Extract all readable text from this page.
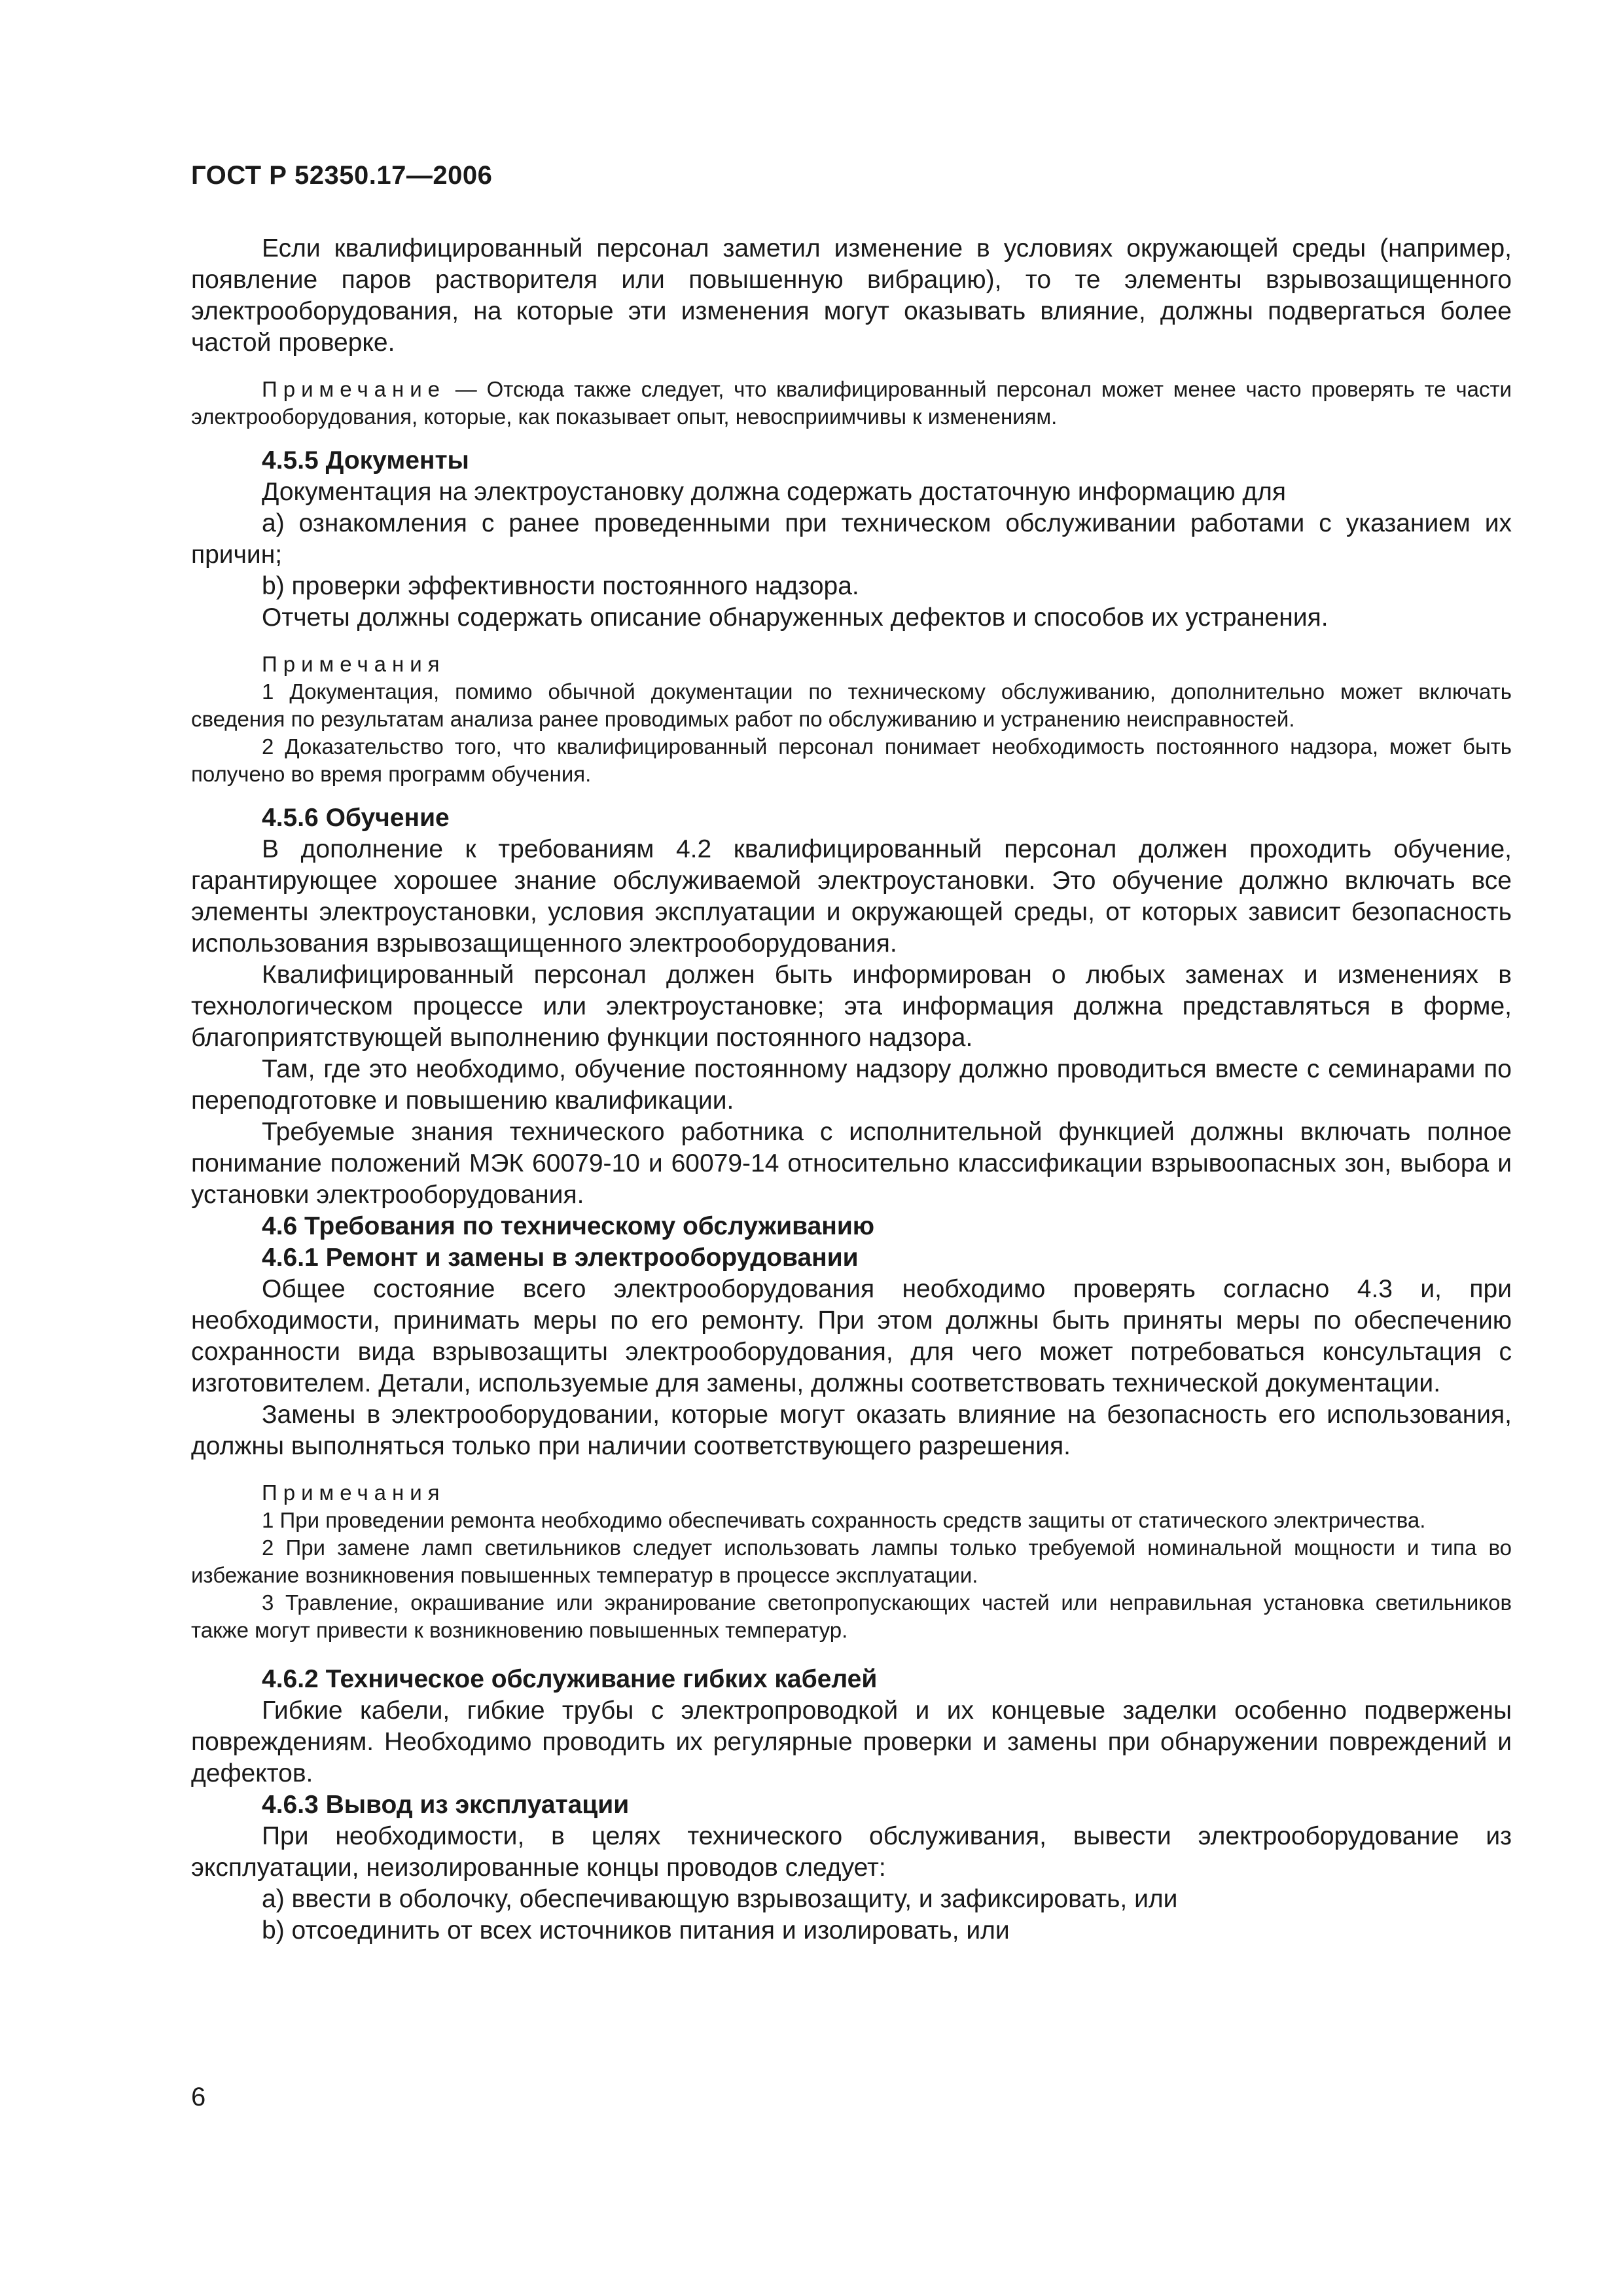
ГОСТ Р 52350.17—2006

Если квалифицированный персонал заметил изменение в условиях окружающей среды (например, появление паров растворителя или повышенную вибрацию), то те элементы взрывозащищенного электрооборудования, на которые эти изменения могут оказывать влияние, должны подвергаться более частой проверке.

Примечание — Отсюда также следует, что квалифицированный персонал может менее часто проверять те части электрооборудования, которые, как показывает опыт, невосприимчивы к изменениям.

4.5.5 Документы

Документация на электроустановку должна содержать достаточную информацию для

a) ознакомления с ранее проведенными при техническом обслуживании работами с указанием их причин;

b) проверки эффективности постоянного надзора.

Отчеты должны содержать описание обнаруженных дефектов и способов их устранения.

Примечания

1 Документация, помимо обычной документации по техническому обслуживанию, дополнительно может включать сведения по результатам анализа ранее проводимых работ по обслуживанию и устранению неисправностей.

2 Доказательство того, что квалифицированный персонал понимает необходимость постоянного надзора, может быть получено во время программ обучения.

4.5.6 Обучение

В дополнение к требованиям 4.2 квалифицированный персонал должен проходить обучение, гарантирующее хорошее знание обслуживаемой электроустановки. Это обучение должно включать все элементы электроустановки, условия эксплуатации и окружающей среды, от которых зависит безопасность использования взрывозащищенного электрооборудования.

Квалифицированный персонал должен быть информирован о любых заменах и изменениях в технологическом процессе или электроустановке; эта информация должна представляться в форме, благоприятствующей выполнению функции постоянного надзора.

Там, где это необходимо, обучение постоянному надзору должно проводиться вместе с семинарами по переподготовке и повышению квалификации.

Требуемые знания технического работника с исполнительной функцией должны включать полное понимание положений МЭК 60079-10 и 60079-14 относительно классификации взрывоопасных зон, выбора и установки электрооборудования.

4.6 Требования по техническому обслуживанию
4.6.1 Ремонт и замены в электрооборудовании

Общее состояние всего электрооборудования необходимо проверять согласно 4.3 и, при необходимости, принимать меры по его ремонту. При этом должны быть приняты меры по обеспечению сохранности вида взрывозащиты электрооборудования, для чего может потребоваться консультация с изготовителем. Детали, используемые для замены, должны соответствовать технической документации.

Замены в электрооборудовании, которые могут оказать влияние на безопасность его использования, должны выполняться только при наличии соответствующего разрешения.

Примечания

1 При проведении ремонта необходимо обеспечивать сохранность средств защиты от статического электричества.

2 При замене ламп светильников следует использовать лампы только требуемой номинальной мощности и типа во избежание возникновения повышенных температур в процессе эксплуатации.

3 Травление, окрашивание или экранирование светопропускающих частей или неправильная установка светильников также могут привести к возникновению повышенных температур.

4.6.2 Техническое обслуживание гибких кабелей

Гибкие кабели, гибкие трубы с электропроводкой и их концевые заделки особенно подвержены повреждениям. Необходимо проводить их регулярные проверки и замены при обнаружении повреждений и дефектов.

4.6.3 Вывод из эксплуатации

При необходимости, в целях технического обслуживания, вывести электрооборудование из эксплуатации, неизолированные концы проводов следует:

a) ввести в оболочку, обеспечивающую взрывозащиту, и зафиксировать, или

b) отсоединить от всех источников питания и изолировать, или

6
